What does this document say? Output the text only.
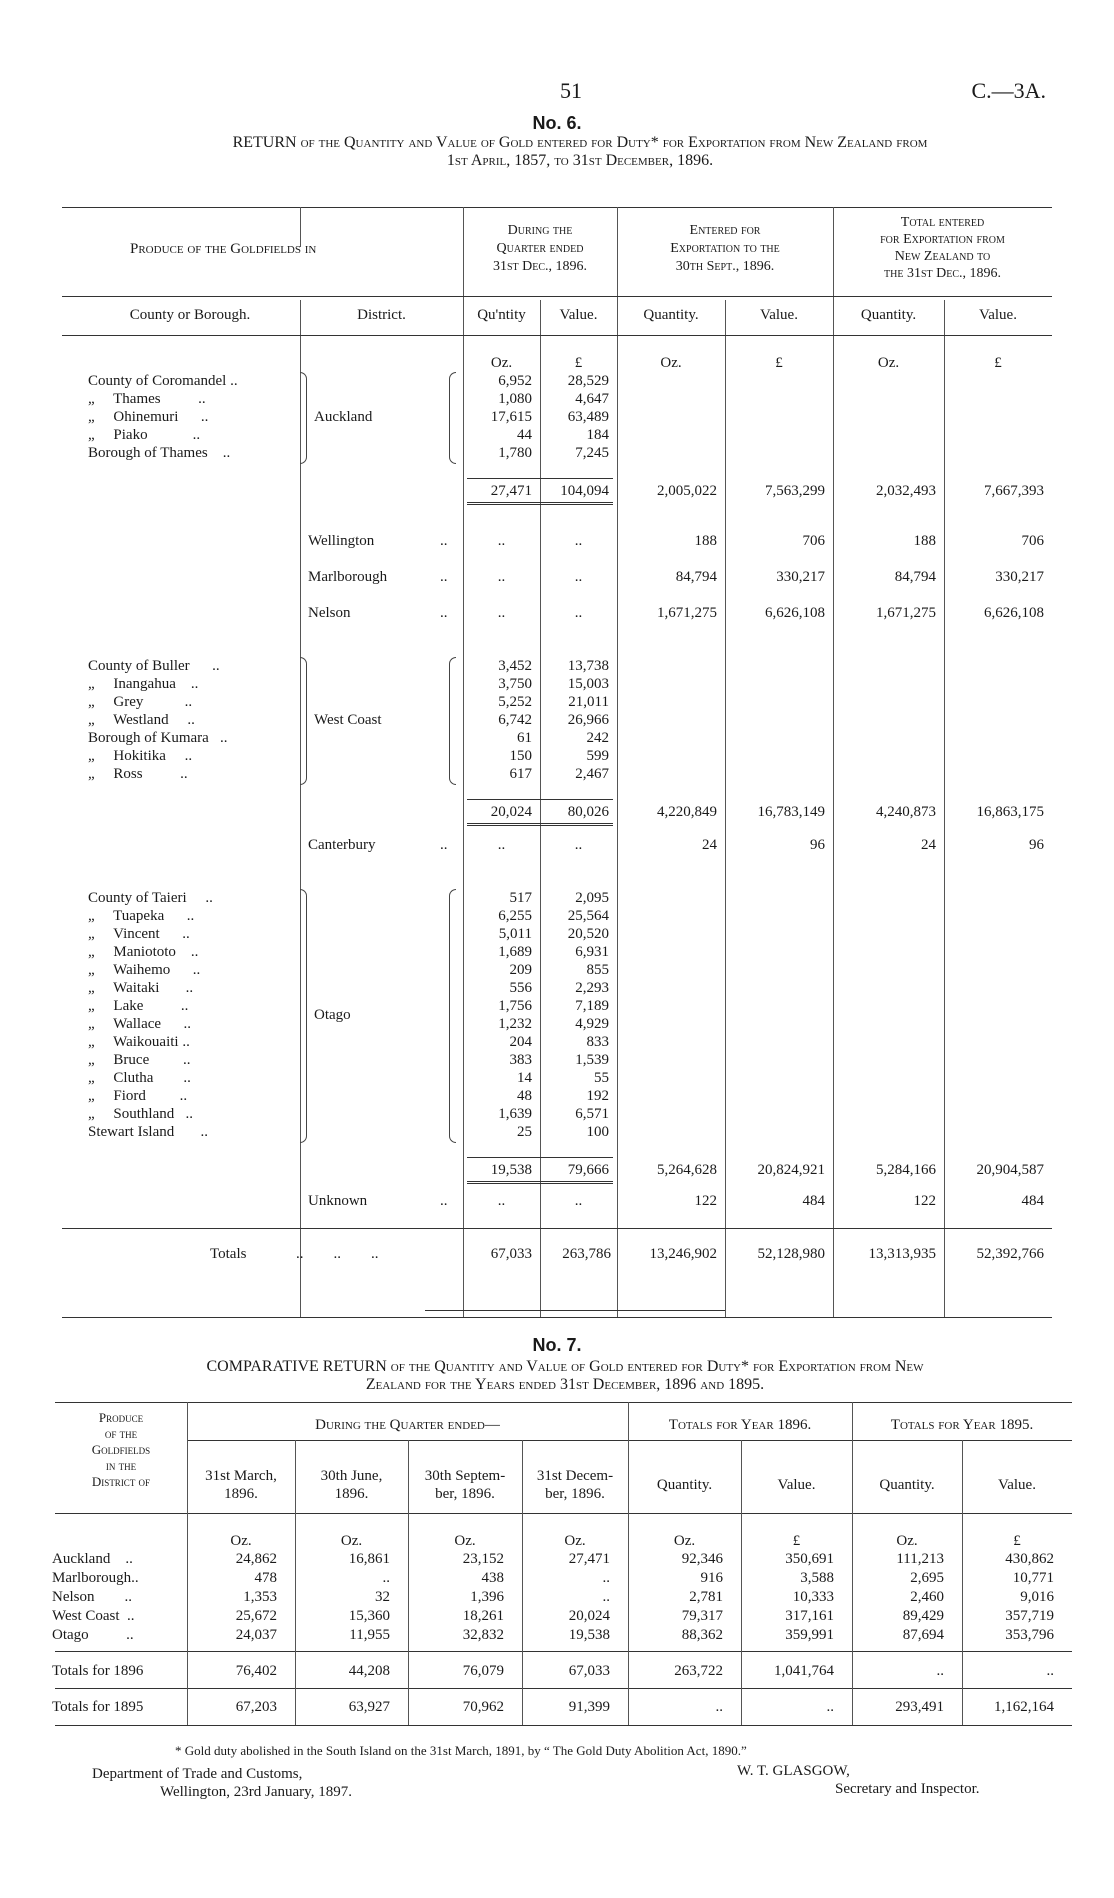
51	C.—3A.
No. 6.
RETURN of the Quantity and Value of Gold entered for Duty* for Exportation from New Zealand from
1st April, 1857, to 31st December, 1896.
Produce of the Goldfields in
During the
Quarter ended
31st Dec., 1896.
Entered for
Exportation to the
30th Sept., 1896.
Total entered
for Exportation from
New Zealand to
the 31st Dec., 1896.
County or Borough.	District.	Qu'ntity	Value.	Quantity.	Value.	Quantity.	Value.
Oz.	£	Oz.	£	Oz.	£
County of Coromandel ..	6,952	28,529
„     Thames          ..	1,080	4,647
„     Ohinemuri      ..	17,615	63,489
„     Piako            ..	44	184
Borough of Thames    ..	1,780	7,245
Auckland
27,471	104,094	2,005,022	7,563,299	2,032,493	7,667,393
Wellington	..	..	..	188	706	188	706
Marlborough	..	..	..	84,794	330,217	84,794	330,217
Nelson	..	..	..	1,671,275	6,626,108	1,671,275	6,626,108
County of Buller      ..	3,452	13,738
„     Inangahua    ..	3,750	15,003
„     Grey           ..	5,252	21,011
„     Westland     ..	6,742	26,966
Borough of Kumara   ..	61	242
„     Hokitika     ..	150	599
„     Ross          ..	617	2,467
West Coast
20,024	80,026	4,220,849	16,783,149	4,240,873	16,863,175
Canterbury	..	..	..	24	96	24	96
County of Taieri     ..	517	2,095
„     Tuapeka      ..	6,255	25,564
„     Vincent      ..	5,011	20,520
„     Maniototo    ..	1,689	6,931
„     Waihemo      ..	209	855
„     Waitaki       ..	556	2,293
„     Lake          ..	1,756	7,189
„     Wallace      ..	1,232	4,929
„     Waikouaiti ..	204	833
„     Bruce         ..	383	1,539
„     Clutha        ..	14	55
„     Fiord         ..	48	192
„     Southland   ..	1,639	6,571
Stewart Island       ..	25	100
Otago
19,538	79,666	5,264,628	20,824,921	5,284,166	20,904,587
Unknown	..	..	..	122	484	122	484
Totals	..        ..        ..	67,033	263,786	13,246,902	52,128,980	13,313,935	52,392,766
No. 7.
COMPARATIVE RETURN of the Quantity and Value of Gold entered for Duty* for Exportation from New
Zealand for the Years ended 31st December, 1896 and 1895.
Produce
of the
Goldfields
in the
District of
During the Quarter ended—	Totals for Year 1896.	Totals for Year 1895.
31st March,
1896.
30th June,
1896.
30th Septem-
ber, 1896.
31st Decem-
ber, 1896.
Quantity.	Value.	Quantity.	Value.
Oz.	Oz.	Oz.	Oz.	Oz.	£	Oz.	£
Auckland    ..	24,862	16,861	23,152	27,471	92,346	350,691	111,213	430,862
Marlborough..	478	..	438	..	916	3,588	2,695	10,771
Nelson        ..	1,353	32	1,396	..	2,781	10,333	2,460	9,016
West Coast  ..	25,672	15,360	18,261	20,024	79,317	317,161	89,429	357,719
Otago          ..	24,037	11,955	32,832	19,538	88,362	359,991	87,694	353,796
Totals for 1896	76,402	44,208	76,079	67,033	263,722	1,041,764	..	..
Totals for 1895	67,203	63,927	70,962	91,399	..	..	293,491	1,162,164
* Gold duty abolished in the South Island on the 31st March, 1891, by “ The Gold Duty Abolition Act, 1890.”
Department of Trade and Customs,
Wellington, 23rd January, 1897.
W. T. GLASGOW,
Secretary and Inspector.
